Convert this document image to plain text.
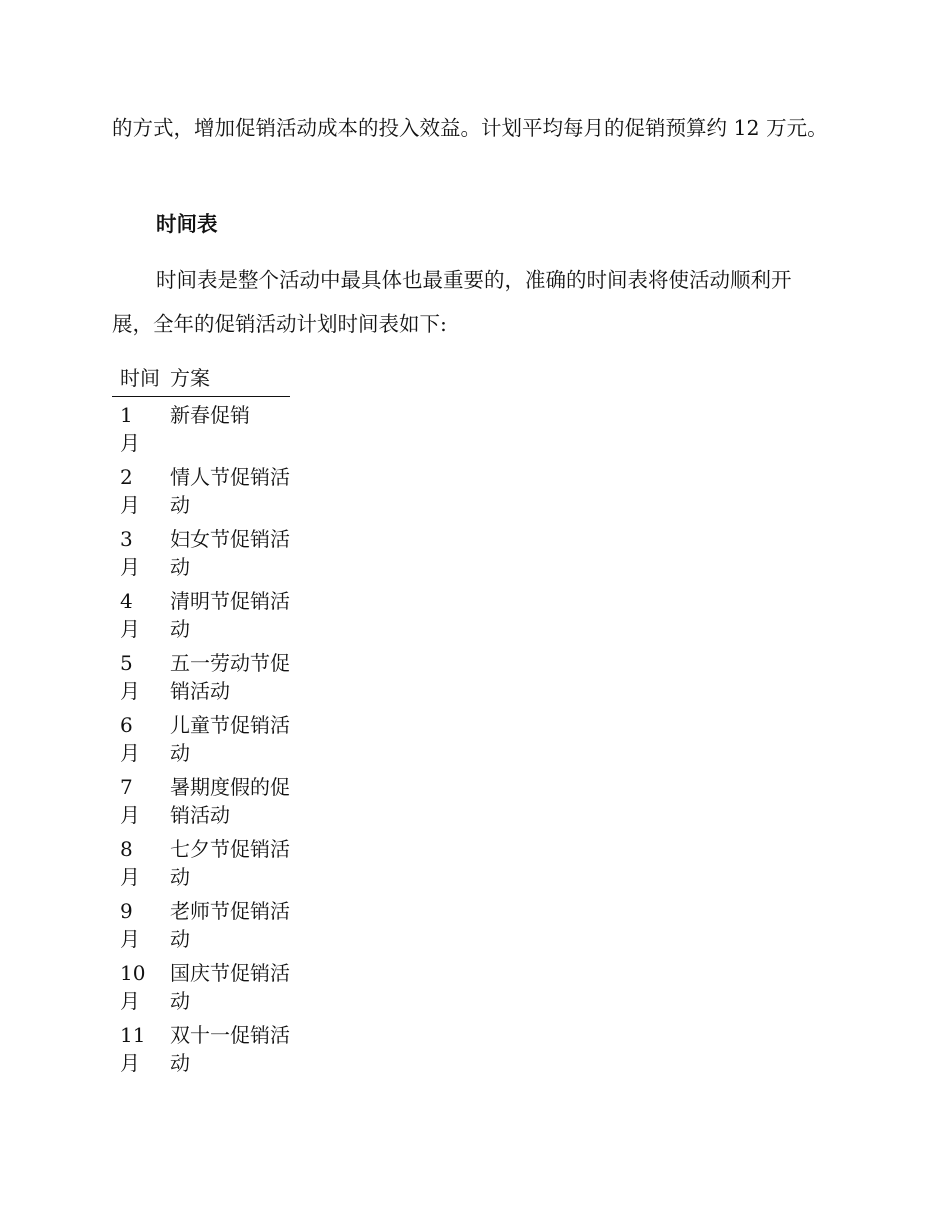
的方式，增加促销活动成本的投入效益。计划平均每月的促销预算约 12 万元。

时间表

时间表是整个活动中最具体也最重要的，准确的时间表将使活动顺利开展，全年的促销活动计划时间表如下:

时间	方案

1
月	新春促销

2
月	情人节促销活动

3
月	妇女节促销活动

4
月	清明节促销活动

5
月	五一劳动节促销活动

6
月	儿童节促销活动

7
月	暑期度假的促销活动

8
月	七夕节促销活动

9
月	老师节促销活动

10
月	国庆节促销活动

11
月	双十一促销活动
